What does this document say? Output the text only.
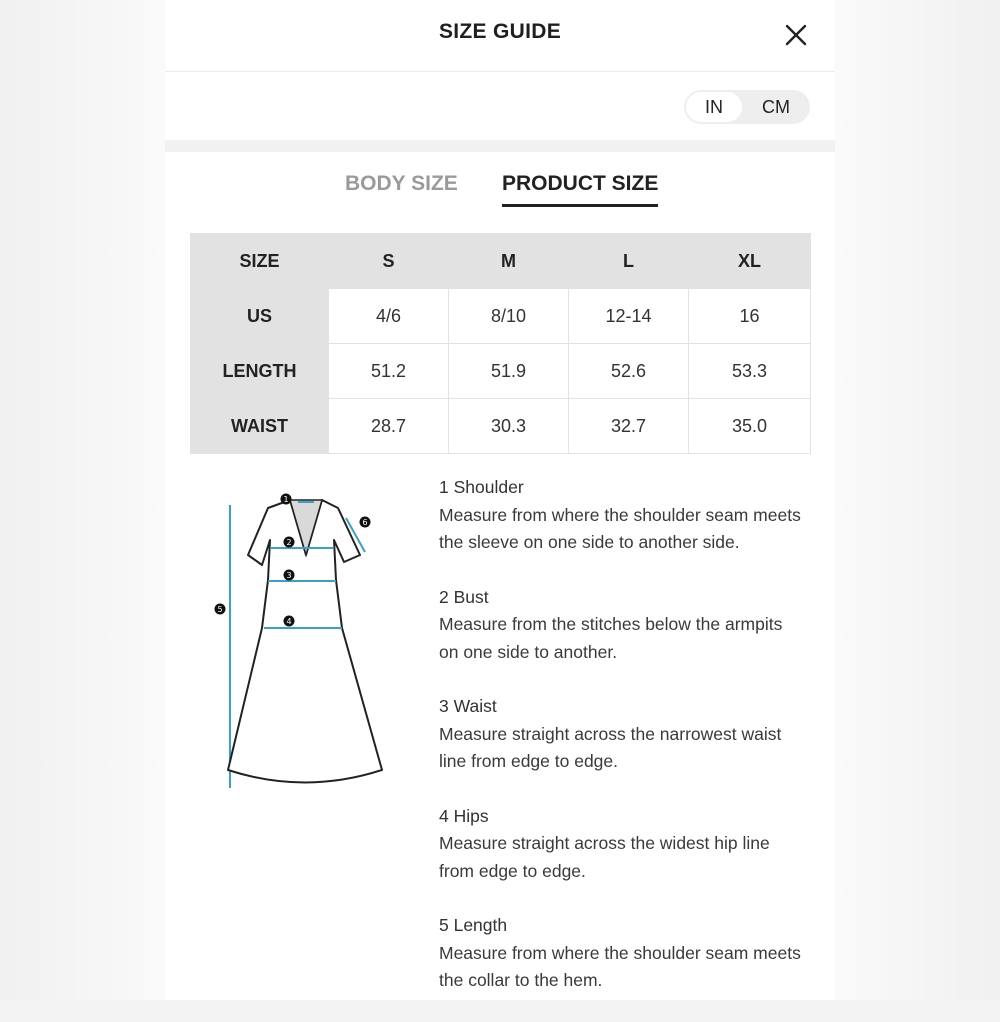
SIZE GUIDE
IN	CM
BODY SIZE PRODUCT SIZE
SIZE	S	M	L	XL
US	4/6	8/10	12-14	16
LENGTH	51.2	51.9	52.6	53.3
WAIST	28.7	30.3	32.7	35.0
1
2
3
4
5
6
1 Shoulder
Measure from where the shoulder seam meets
the sleeve on one side to another side.
2 Bust
Measure from the stitches below the armpits
on one side to another.
3 Waist
Measure straight across the narrowest waist
line from edge to edge.
4 Hips
Measure straight across the widest hip line
from edge to edge.
5 Length
Measure from where the shoulder seam meets
the collar to the hem.
